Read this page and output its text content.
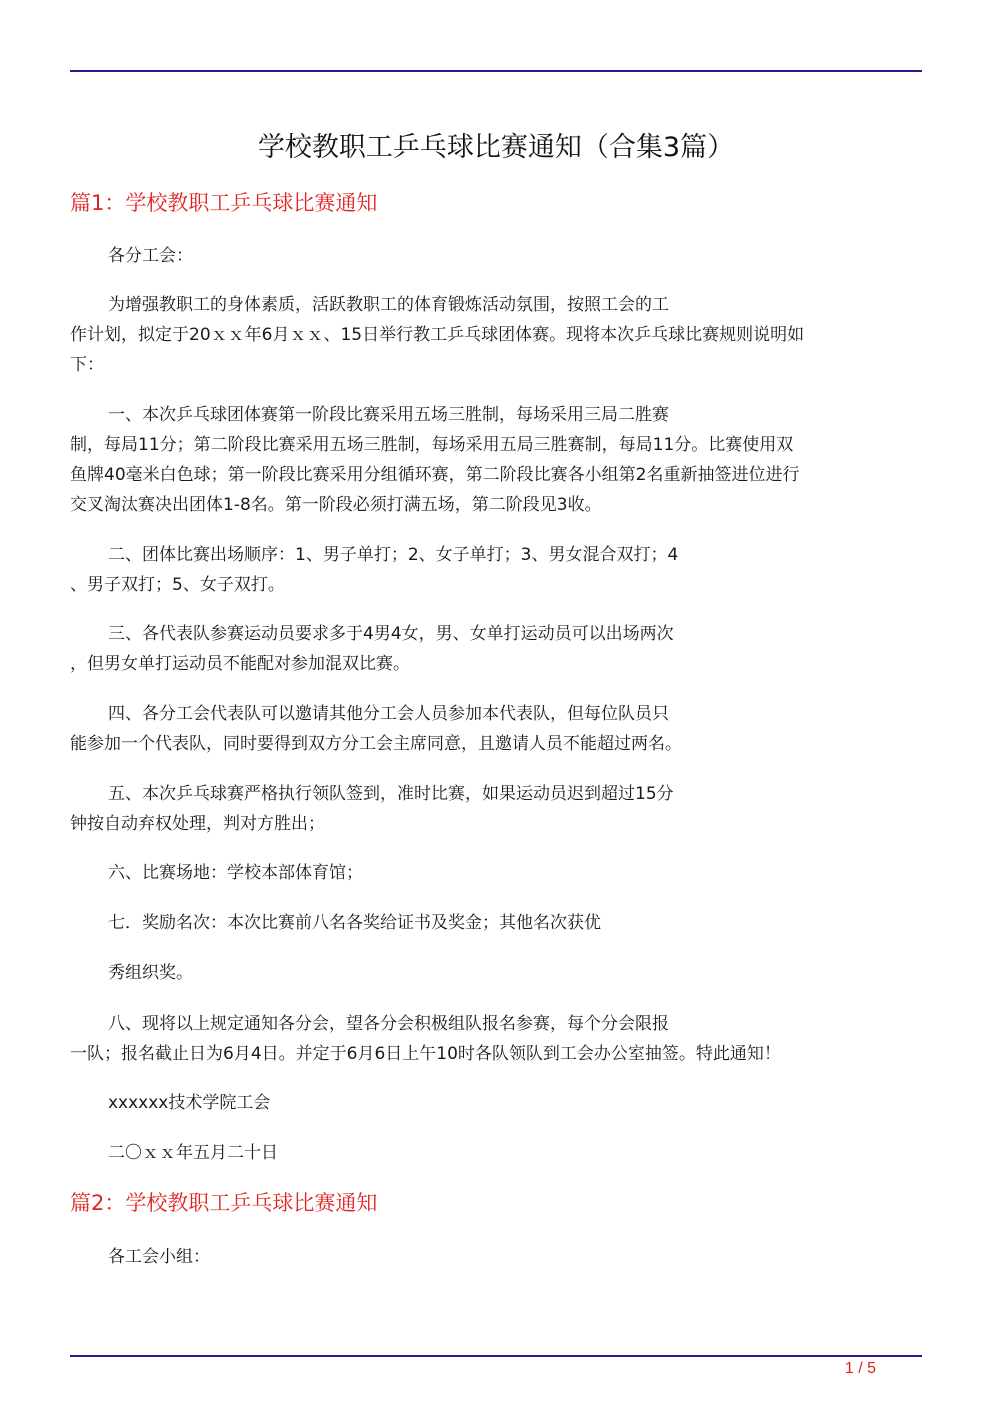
学校教职工乒乓球比赛通知（合集3篇）
篇1：学校教职工乒乓球比赛通知
各分工会：
为增强教职工的身体素质，活跃教职工的体育锻炼活动氛围，按照工会的工
作计划，拟定于20ｘｘ年6月ｘｘ、15日举行教工乒乓球团体赛。现将本次乒乓球比赛规则说明如
下：
一、本次乒乓球团体赛第一阶段比赛采用五场三胜制，每场采用三局二胜赛
制，每局11分；第二阶段比赛采用五场三胜制，每场采用五局三胜赛制，每局11分。比赛使用双
鱼牌40毫米白色球；第一阶段比赛采用分组循环赛，第二阶段比赛各小组第2名重新抽签进位进行
交叉淘汰赛决出团体1-8名。第一阶段必须打满五场，第二阶段见3收。
二、团体比赛出场顺序：1、男子单打；2、女子单打；3、男女混合双打；4
、男子双打；5、女子双打。
三、各代表队参赛运动员要求多于4男4女，男、女单打运动员可以出场两次
，但男女单打运动员不能配对参加混双比赛。
四、各分工会代表队可以邀请其他分工会人员参加本代表队，但每位队员只
能参加一个代表队，同时要得到双方分工会主席同意，且邀请人员不能超过两名。
五、本次乒乓球赛严格执行领队签到，准时比赛，如果运动员迟到超过15分
钟按自动弃权处理，判对方胜出；
六、比赛场地：学校本部体育馆；
七．奖励名次：本次比赛前八名各奖给证书及奖金；其他名次获优
秀组织奖。
八、现将以上规定通知各分会，望各分会积极组队报名参赛，每个分会限报
一队；报名截止日为6月4日。并定于6月6日上午10时各队领队到工会办公室抽签。特此通知！
xxxxxx技术学院工会
二〇ｘｘ年五月二十日
篇2：学校教职工乒乓球比赛通知
各工会小组：
1 / 5
